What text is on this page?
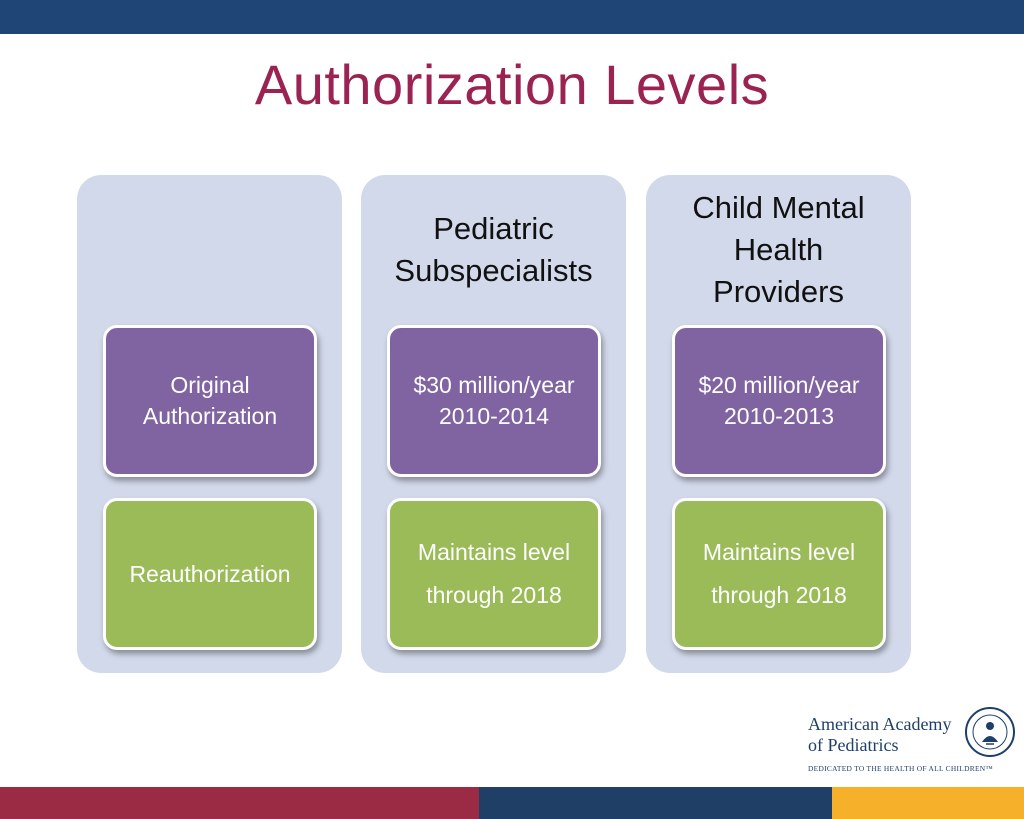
Authorization Levels
Original
Authorization
Reauthorization
Pediatric
Subspecialists
$30 million/year
2010-2014
Maintains level
through 2018
Child Mental
Health
Providers
$20 million/year
2010-2013
Maintains level
through 2018
American Academy
of Pediatrics
DEDICATED TO THE HEALTH OF ALL CHILDREN™
